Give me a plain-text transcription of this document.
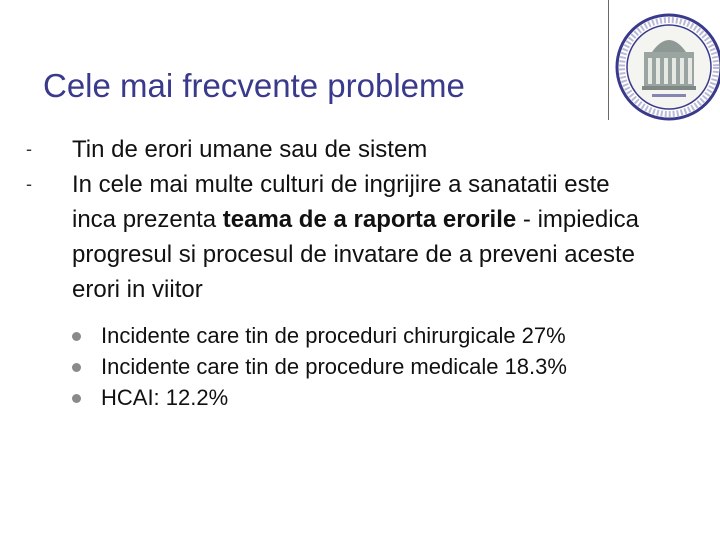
Cele mai frecvente probleme
- Tin de erori umane sau de sistem
- In cele mai multe culturi de ingrijire a sanatatii este inca prezenta teama de a raporta erorile - impiedica progresul si procesul de invatare de a preveni aceste erori in viitor
Incidente care tin de proceduri chirurgicale 27%
Incidente care tin de procedure medicale 18.3%
HCAI: 12.2%
